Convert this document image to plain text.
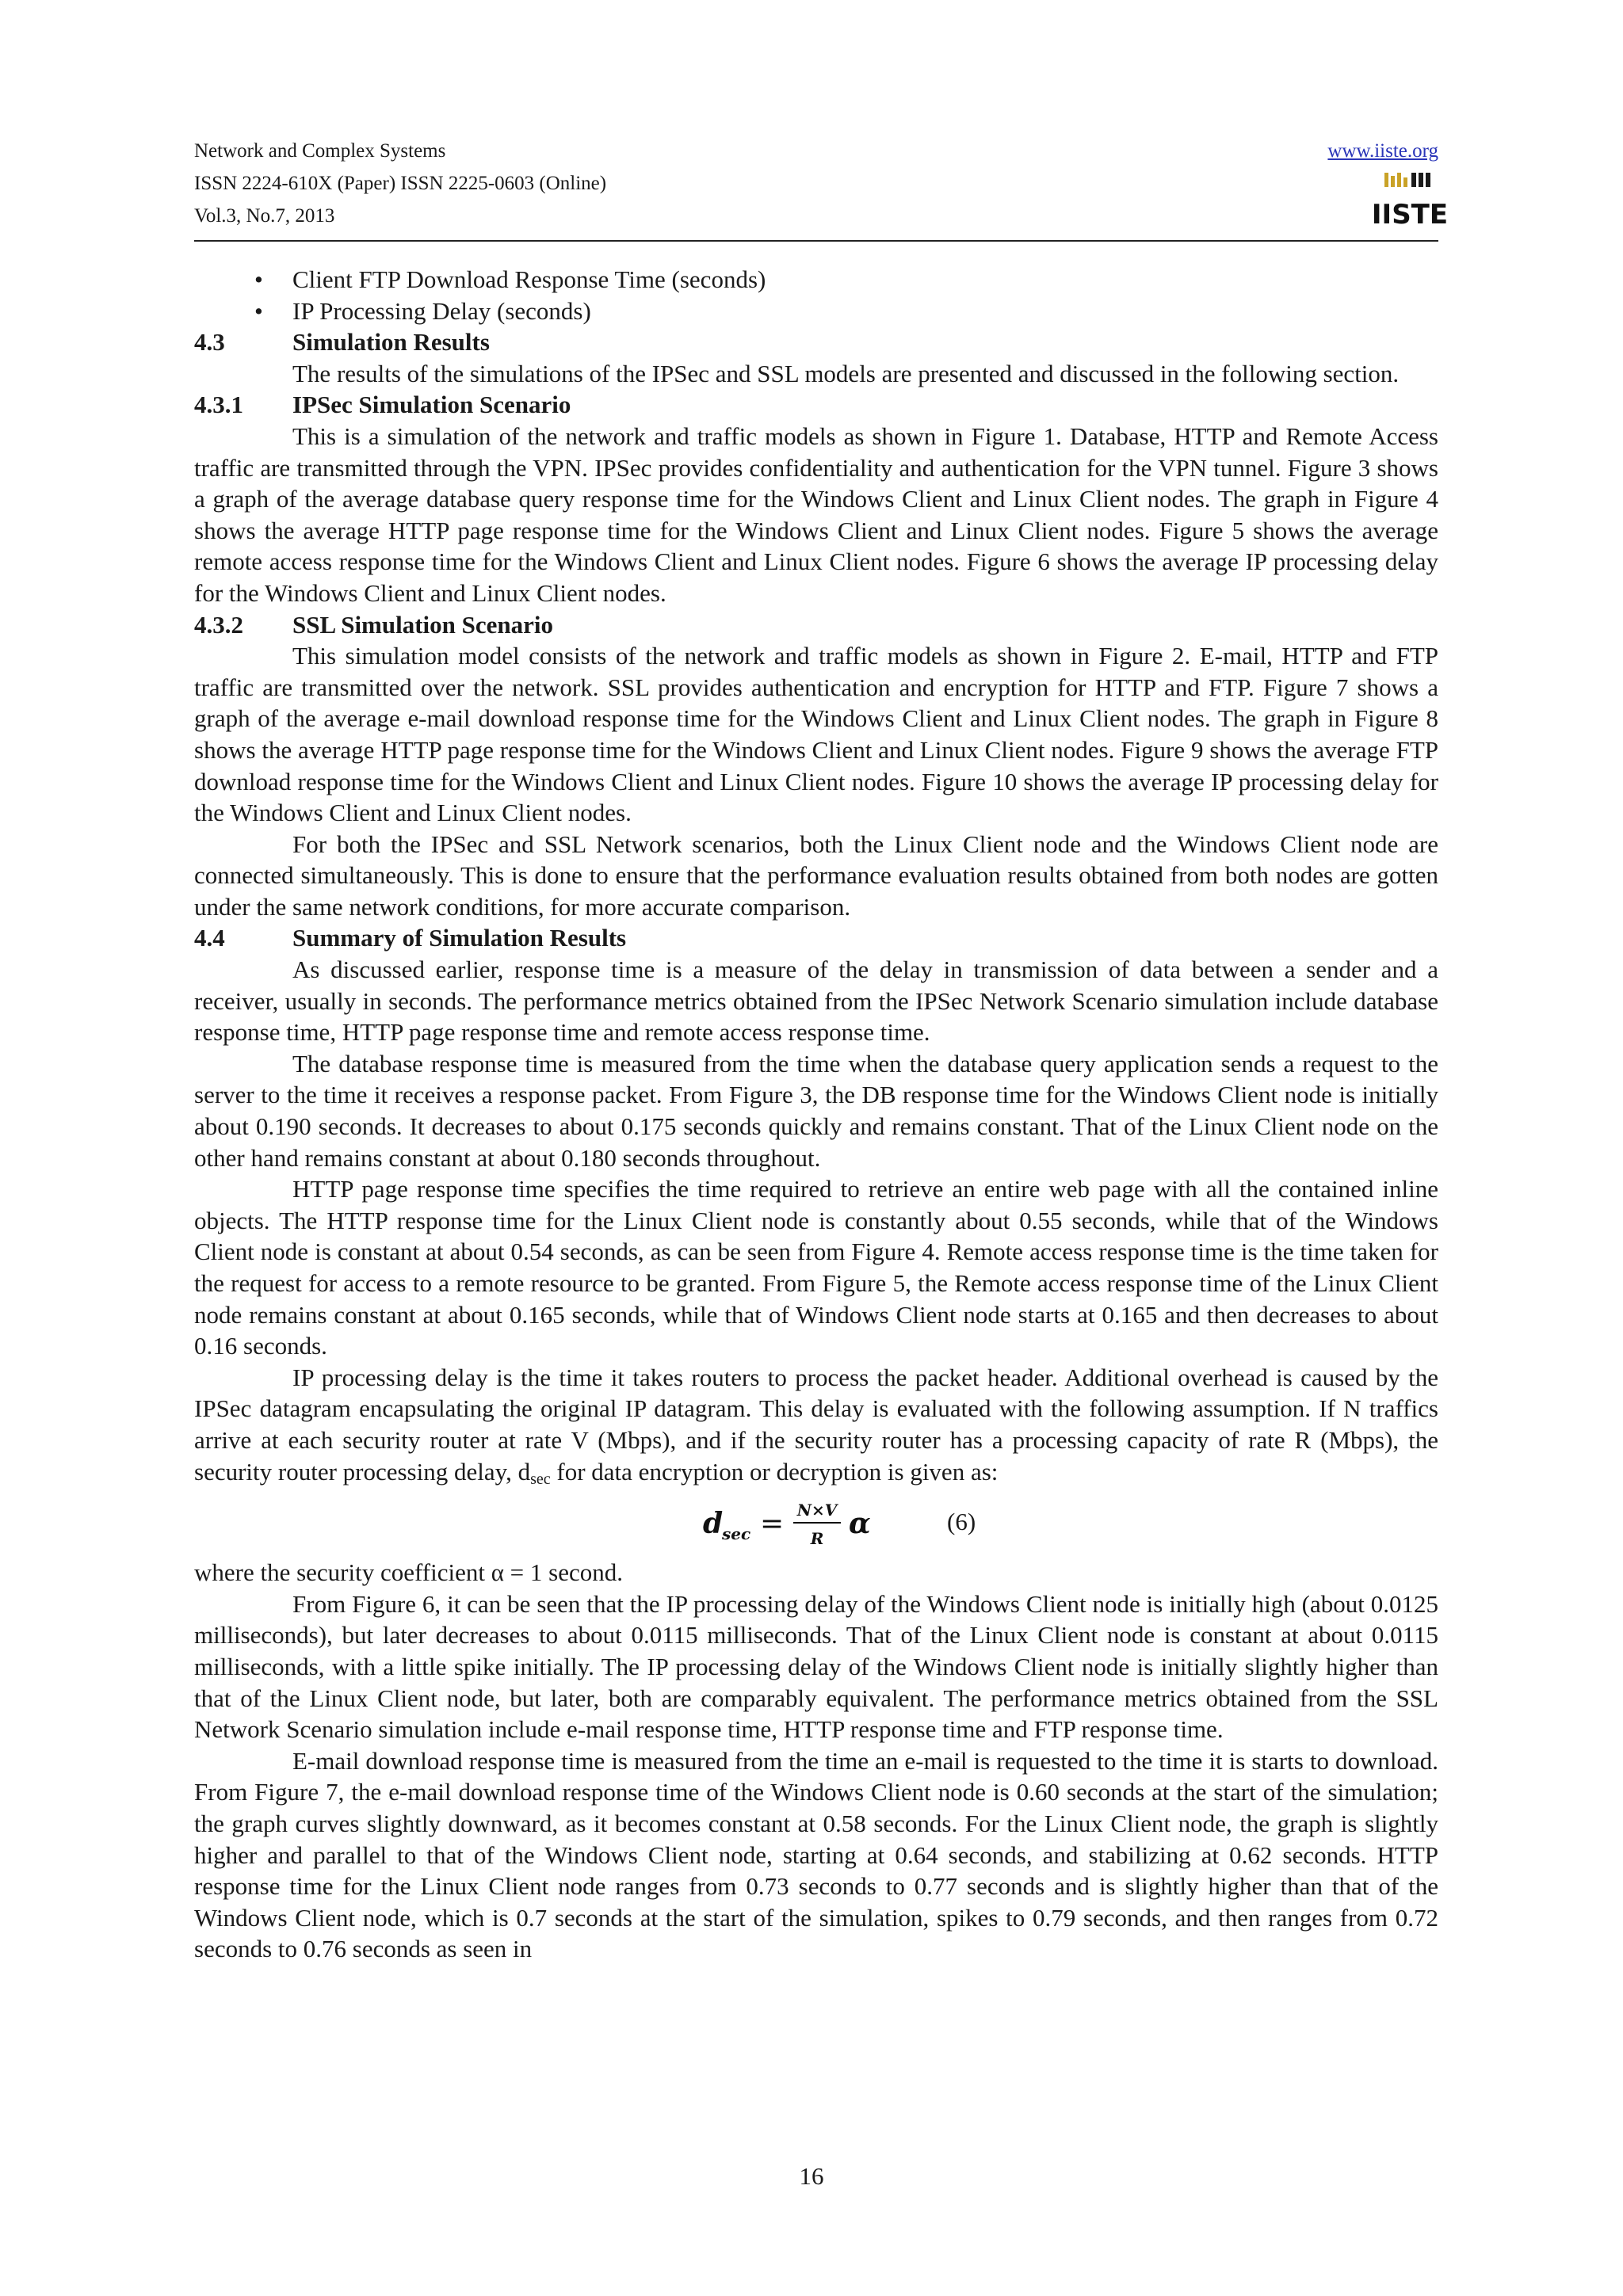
Network and Complex Systems
ISSN 2224-610X (Paper) ISSN 2225-0603 (Online)
Vol.3, No.7, 2013
www.iiste.org
IISTE
• Client FTP Download Response Time (seconds)
• IP Processing Delay (seconds)
4.3	Simulation Results

The results of the simulations of the IPSec and SSL models are presented and discussed in the following section.

4.3.1 IPSec Simulation Scenario

This is a simulation of the network and traffic models as shown in Figure 1. Database, HTTP and Remote Access traffic are transmitted through the VPN. IPSec provides confidentiality and authentication for the VPN tunnel. Figure 3 shows a graph of the average database query response time for the Windows Client and Linux Client nodes. The graph in Figure 4 shows the average HTTP page response time for the Windows Client and Linux Client nodes. Figure 5 shows the average remote access response time for the Windows Client and Linux Client nodes. Figure 6 shows the average IP processing delay for the Windows Client and Linux Client nodes.

4.3.2 SSL Simulation Scenario

This simulation model consists of the network and traffic models as shown in Figure 2. E-mail, HTTP and FTP traffic are transmitted over the network. SSL provides authentication and encryption for HTTP and FTP. Figure 7 shows a graph of the average e-mail download response time for the Windows Client and Linux Client nodes. The graph in Figure 8 shows the average HTTP page response time for the Windows Client and Linux Client nodes. Figure 9 shows the average FTP download response time for the Windows Client and Linux Client nodes. Figure 10 shows the average IP processing delay for the Windows Client and Linux Client nodes.

For both the IPSec and SSL Network scenarios, both the Linux Client node and the Windows Client node are connected simultaneously. This is done to ensure that the performance evaluation results obtained from both nodes are gotten under the same network conditions, for more accurate comparison.

4.4	Summary of Simulation Results

As discussed earlier, response time is a measure of the delay in transmission of data between a sender and a receiver, usually in seconds. The performance metrics obtained from the IPSec Network Scenario simulation include database response time, HTTP page response time and remote access response time.

The database response time is measured from the time when the database query application sends a request to the server to the time it receives a response packet. From Figure 3, the DB response time for the Windows Client node is initially about 0.190 seconds. It decreases to about 0.175 seconds quickly and remains constant. That of the Linux Client node on the other hand remains constant at about 0.180 seconds throughout.

HTTP page response time specifies the time required to retrieve an entire web page with all the contained inline objects. The HTTP response time for the Linux Client node is constantly about 0.55 seconds, while that of the Windows Client node is constant at about 0.54 seconds, as can be seen from Figure 4. Remote access response time is the time taken for the request for access to a remote resource to be granted. From Figure 5, the Remote access response time of the Linux Client node remains constant at about 0.165 seconds, while that of Windows Client node starts at 0.165 and then decreases to about 0.16 seconds.

IP processing delay is the time it takes routers to process the packet header. Additional overhead is caused by the IPSec datagram encapsulating the original IP datagram. This delay is evaluated with the following assumption. If N traffics arrive at each security router at rate V (Mbps), and if the security router has a processing capacity of rate R (Mbps), the security router processing delay, $d_{sec}$ for data encryption or decryption is given as:

d
sec = N×V
R α	(6)

where the security coefficient α = 1 second.

From Figure 6, it can be seen that the IP processing delay of the Windows Client node is initially high (about 0.0125 milliseconds), but later decreases to about 0.0115 milliseconds. That of the Linux Client node is constant at about 0.0115 milliseconds, with a little spike initially. The IP processing delay of the Windows Client node is initially slightly higher than that of the Linux Client node, but later, both are comparably equivalent. The performance metrics obtained from the SSL Network Scenario simulation include e-mail response time, HTTP response time and FTP response time.

E-mail download response time is measured from the time an e-mail is requested to the time it is starts to download. From Figure 7, the e-mail download response time of the Windows Client node is 0.60 seconds at the start of the simulation; the graph curves slightly downward, as it becomes constant at 0.58 seconds. For the Linux Client node, the graph is slightly higher and parallel to that of the Windows Client node, starting at 0.64 seconds, and stabilizing at 0.62 seconds. HTTP response time for the Linux Client node ranges from 0.73 seconds to 0.77 seconds and is slightly higher than that of the Windows Client node, which is 0.7 seconds at the start of the simulation, spikes to 0.79 seconds, and then ranges from 0.72 seconds to 0.76 seconds as seen in

16
